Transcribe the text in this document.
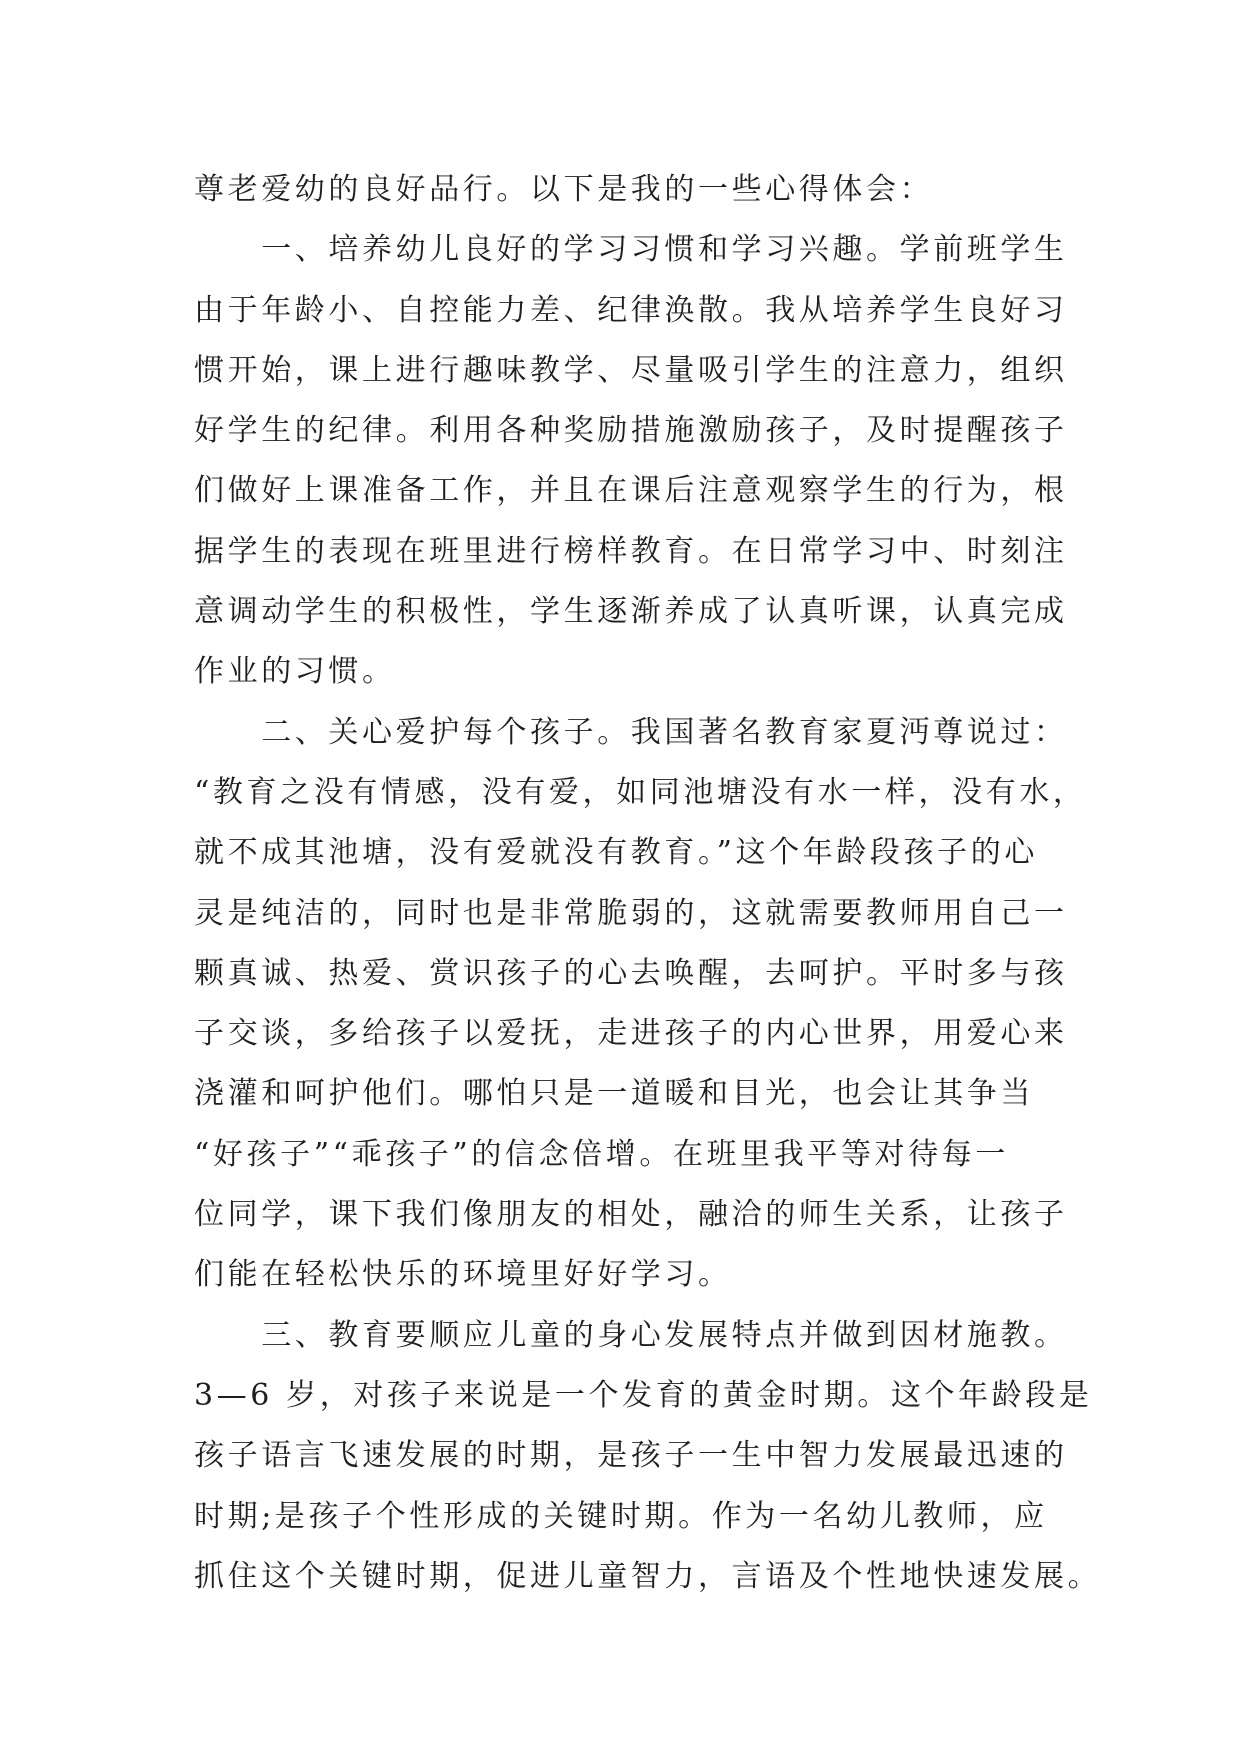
尊老爱幼的良好品行。以下是我的一些心得体会：
　　一、培养幼儿良好的学习习惯和学习兴趣。学前班学生
由于年龄小、自控能力差、纪律涣散。我从培养学生良好习
惯开始，课上进行趣味教学、尽量吸引学生的注意力，组织
好学生的纪律。利用各种奖励措施激励孩子，及时提醒孩子
们做好上课准备工作，并且在课后注意观察学生的行为，根
据学生的表现在班里进行榜样教育。在日常学习中、时刻注
意调动学生的积极性，学生逐渐养成了认真听课，认真完成
作业的习惯。
　　二、关心爱护每个孩子。我国著名教育家夏沔尊说过：
“教育之没有情感，没有爱，如同池塘没有水一样，没有水，
就不成其池塘，没有爱就没有教育。”这个年龄段孩子的心
灵是纯洁的，同时也是非常脆弱的，这就需要教师用自己一
颗真诚、热爱、赏识孩子的心去唤醒，去呵护。平时多与孩
子交谈，多给孩子以爱抚，走进孩子的内心世界，用爱心来
浇灌和呵护他们。哪怕只是一道暖和目光，也会让其争当
“好孩子”“乖孩子”的信念倍增。在班里我平等对待每一
位同学，课下我们像朋友的相处，融洽的师生关系，让孩子
们能在轻松快乐的环境里好好学习。
　　三、教育要顺应儿童的身心发展特点并做到因材施教。
3—6 岁，对孩子来说是一个发育的黄金时期。这个年龄段是
孩子语言飞速发展的时期，是孩子一生中智力发展最迅速的
时期;是孩子个性形成的关键时期。作为一名幼儿教师，应
抓住这个关键时期，促进儿童智力，言语及个性地快速发展。
